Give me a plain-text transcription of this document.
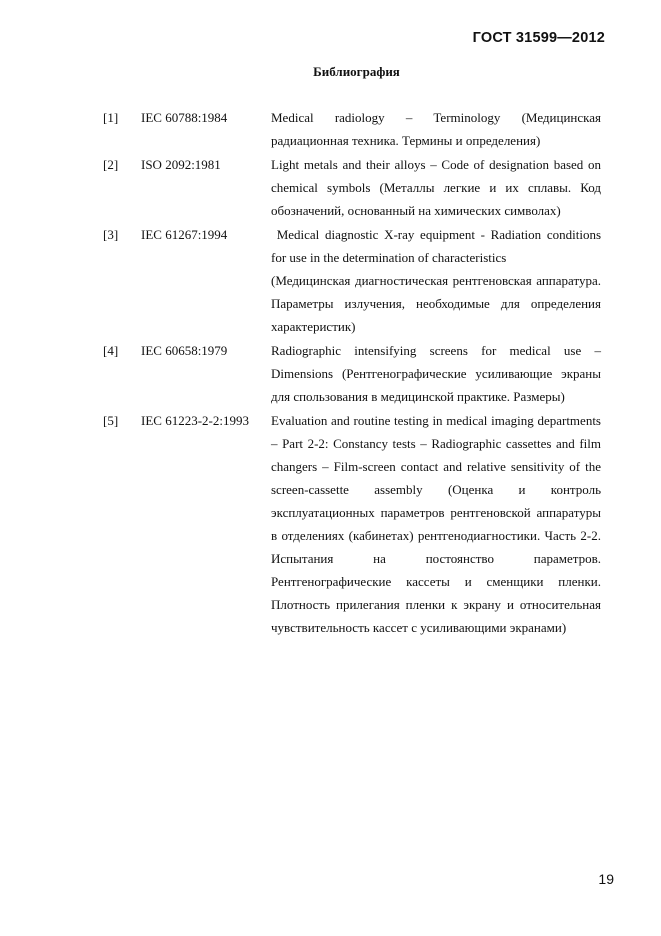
ГОСТ 31599—2012
Библиография
[1] IEC 60788:1984	Medical radiology – Terminology (Медицинская радиационная техника. Термины и определения)

[2] ISO 2092:1981	Light metals and their alloys – Code of designation based on chemical symbols (Металлы легкие и их сплавы. Код обозначений, основанный на химических символах)

[3] IEC 61267:1994	Medical diagnostic X-ray equipment - Radiation conditions for use in the determination of characteristics

(Медицинская диагностическая рентгеновская аппаратура. Параметры излучения, необходимые для определения характеристик)

[4] IEC 60658:1979	Radiographic intensifying screens for medical use – Dimensions (Рентгенографические усиливающие экраны для спользования в медицинской практике. Размеры)

[5] IEC 61223-2-2:1993 Evaluation and routine testing in medical imaging departments – Part 2-2: Constancy tests – Radiographic cassettes and film changers – Film-screen contact and relative sensitivity of the screen-cassette assembly (Оценка и контроль эксплуатационных параметров рентгеновской аппаратуры в отделениях (кабинетах) рентгенодиагностики. Часть 2-2. Испытания на постоянство параметров. Рентгенографические кассеты и сменщики пленки. Плотность прилегания пленки к экрану и относительная чувствительность кассет с усиливающими экранами)

19
